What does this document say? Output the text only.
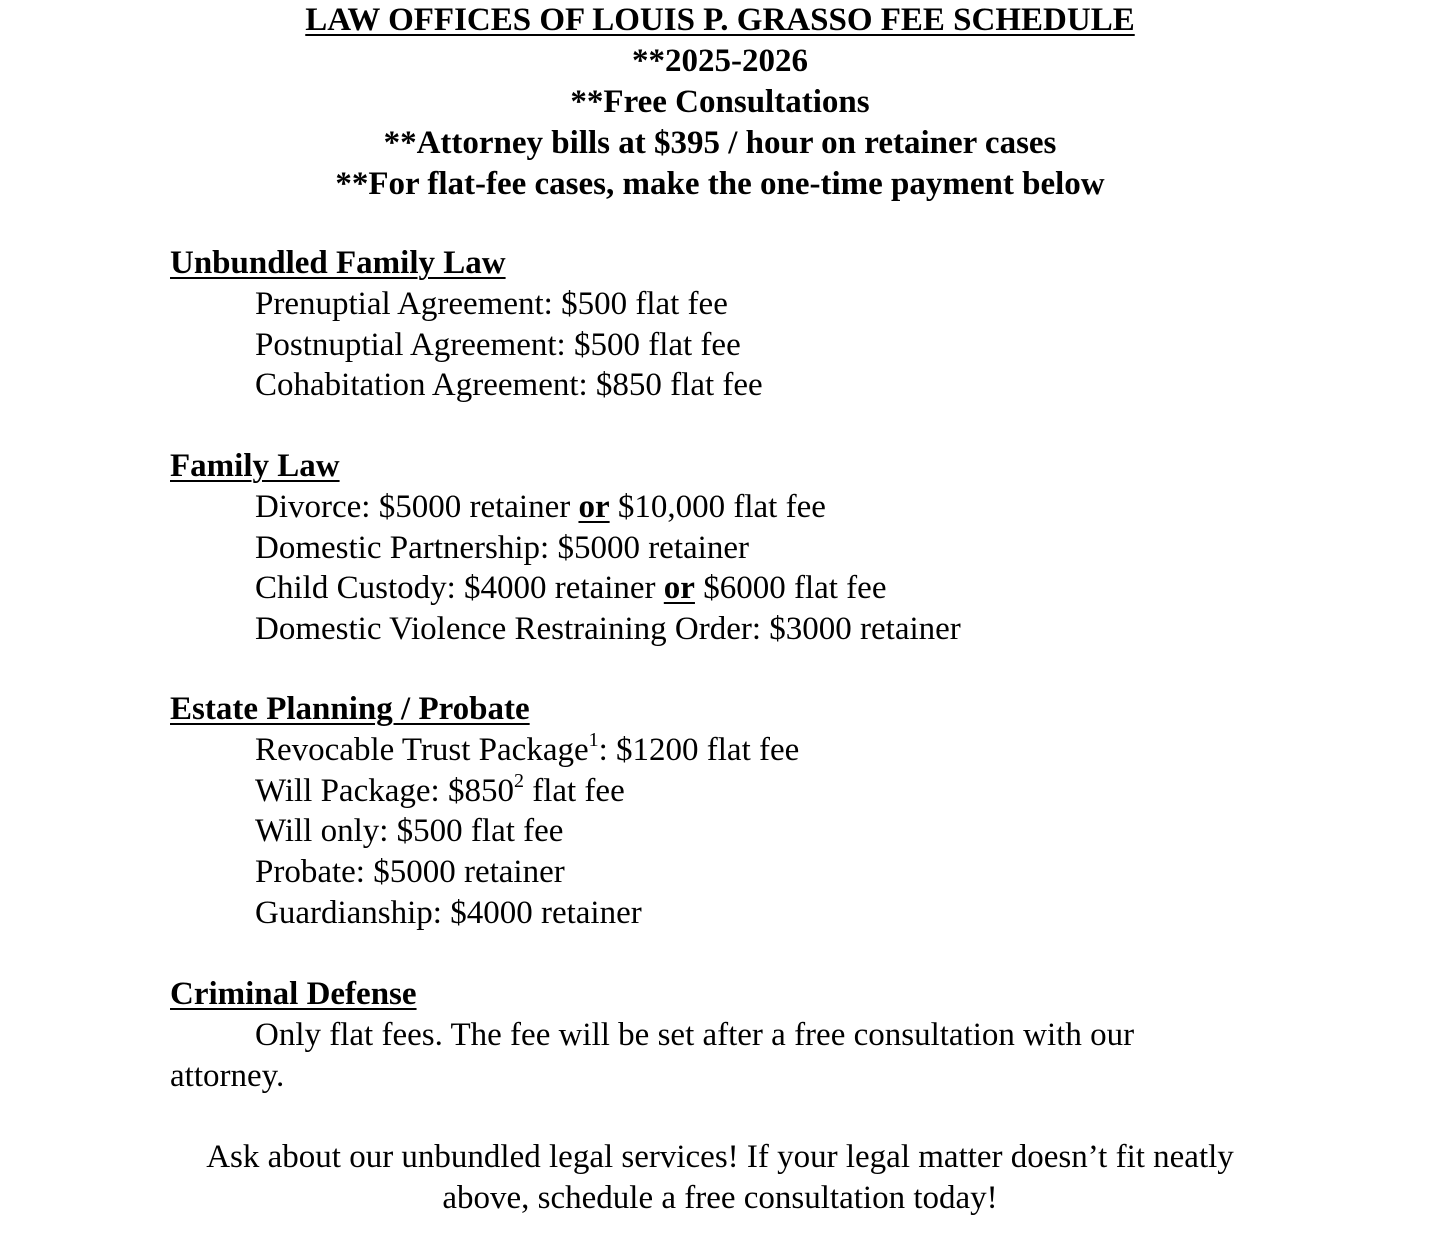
LAW OFFICES OF LOUIS P. GRASSO FEE SCHEDULE
**2025-2026
**Free Consultations
**Attorney bills at $395 / hour on retainer cases
**For flat-fee cases, make the one-time payment below
Unbundled Family Law
Prenuptial Agreement: $500 flat fee
Postnuptial Agreement: $500 flat fee
Cohabitation Agreement: $850 flat fee
Family Law
Divorce: $5000 retainer or $10,000 flat fee
Domestic Partnership: $5000 retainer
Child Custody: $4000 retainer or $6000 flat fee
Domestic Violence Restraining Order: $3000 retainer
Estate Planning / Probate
Revocable Trust Package$^1$: $1200 flat fee
Will Package: $\$850^2$ flat fee
Will only: $500 flat fee
Probate: $5000 retainer
Guardianship: $4000 retainer
Criminal Defense
Only flat fees. The fee will be set after a free consultation with our
attorney.
Ask about our unbundled legal services! If your legal matter doesn’t fit neatly
above, schedule a free consultation today!
